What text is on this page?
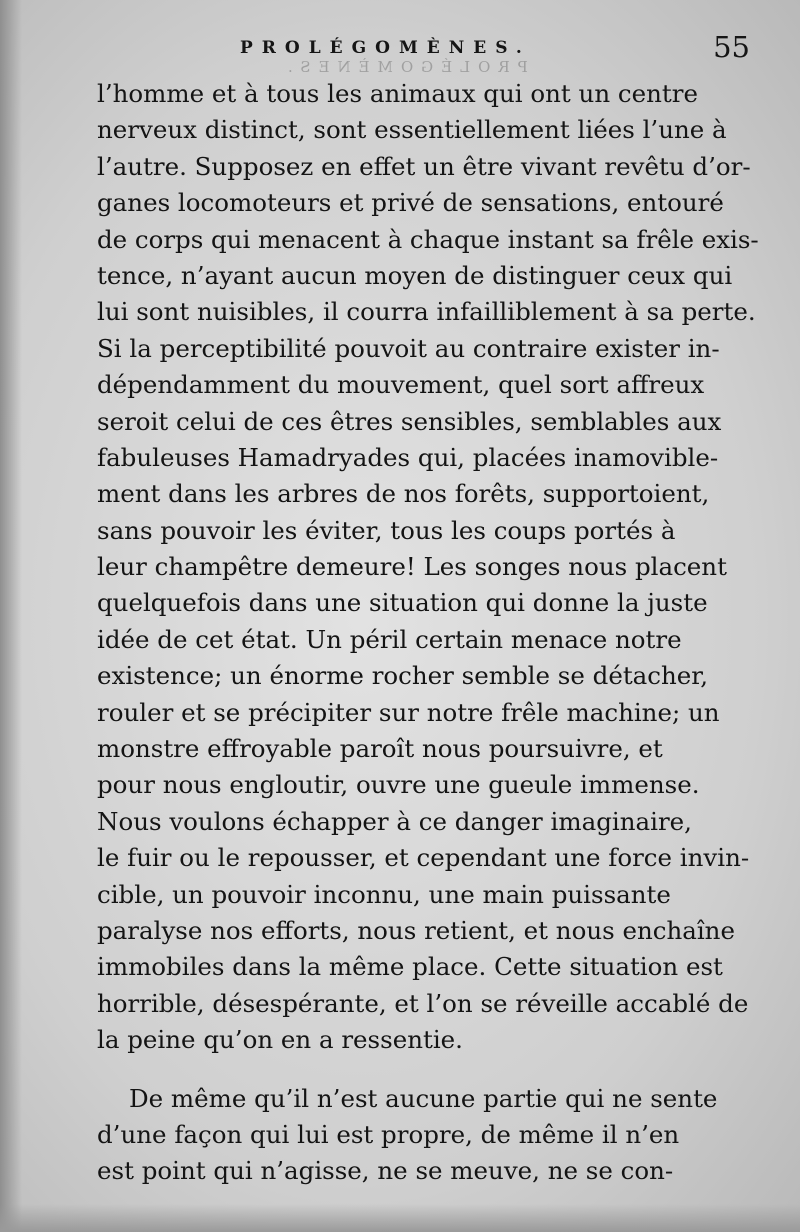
PROLÉGOMÈNES.	55
PROLÉGOMÈNES.
l’homme et à tous les animaux qui ont un centre
nerveux distinct, sont essentiellement liées l’une à
l’autre. Supposez en effet un être vivant revêtu d’or-
ganes locomoteurs et privé de sensations, entouré
de corps qui menacent à chaque instant sa frêle exis-
tence, n’ayant aucun moyen de distinguer ceux qui
lui sont nuisibles, il courra infailliblement à sa perte.
Si la perceptibilité pouvoit au contraire exister in-
dépendamment du mouvement, quel sort affreux
seroit celui de ces êtres sensibles, semblables aux
fabuleuses Hamadryades qui, placées inamovible-
ment dans les arbres de nos forêts, supportoient,
sans pouvoir les éviter, tous les coups portés à
leur champêtre demeure! Les songes nous placent
quelquefois dans une situation qui donne la juste
idée de cet état. Un péril certain menace notre
existence; un énorme rocher semble se détacher,
rouler et se précipiter sur notre frêle machine; un
monstre effroyable paroît nous poursuivre, et
pour nous engloutir, ouvre une gueule immense.
Nous voulons échapper à ce danger imaginaire,
le fuir ou le repousser, et cependant une force invin-
cible, un pouvoir inconnu, une main puissante
paralyse nos efforts, nous retient, et nous enchaîne
immobiles dans la même place. Cette situation est
horrible, désespérante, et l’on se réveille accablé de
la peine qu’on en a ressentie.
De même qu’il n’est aucune partie qui ne sente
d’une façon qui lui est propre, de même il n’en
est point qui n’agisse, ne se meuve, ne se con-
